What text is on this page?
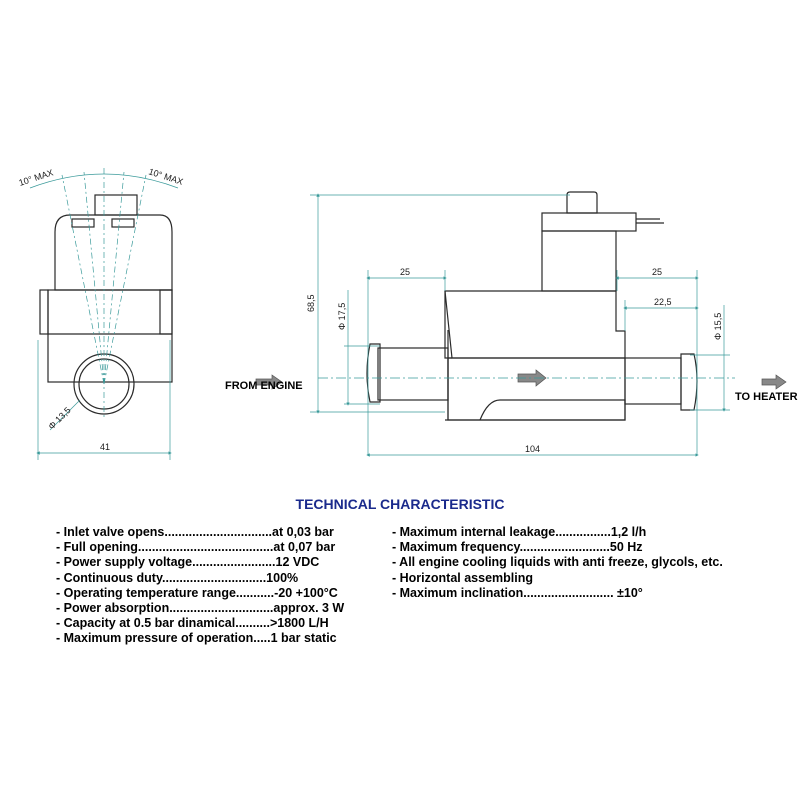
10° MAX	10° MAX
Φ 13,5
41
68,5 Φ 17,5
25	25
22,5
Φ 15,5
104
FROM ENGINE
TO HEATER
TECHNICAL CHARACTERISTIC
- Inlet valve opens...............................at 0,03 bar
- Full opening.......................................at 0,07 bar
- Power supply voltage........................12 VDC
- Continuous duty..............................100%
- Operating temperature range...........-20 +100°C
- Power absorption..............................approx. 3 W
- Capacity at 0.5 bar dinamical..........>1800 L/H
- Maximum pressure of operation.....1 bar static
- Maximum internal leakage................1,2 l/h
- Maximum frequency..........................50 Hz
- All engine cooling liquids with anti freeze, glycols, etc.
- Horizontal assembling
- Maximum inclination.......................... ±10°
